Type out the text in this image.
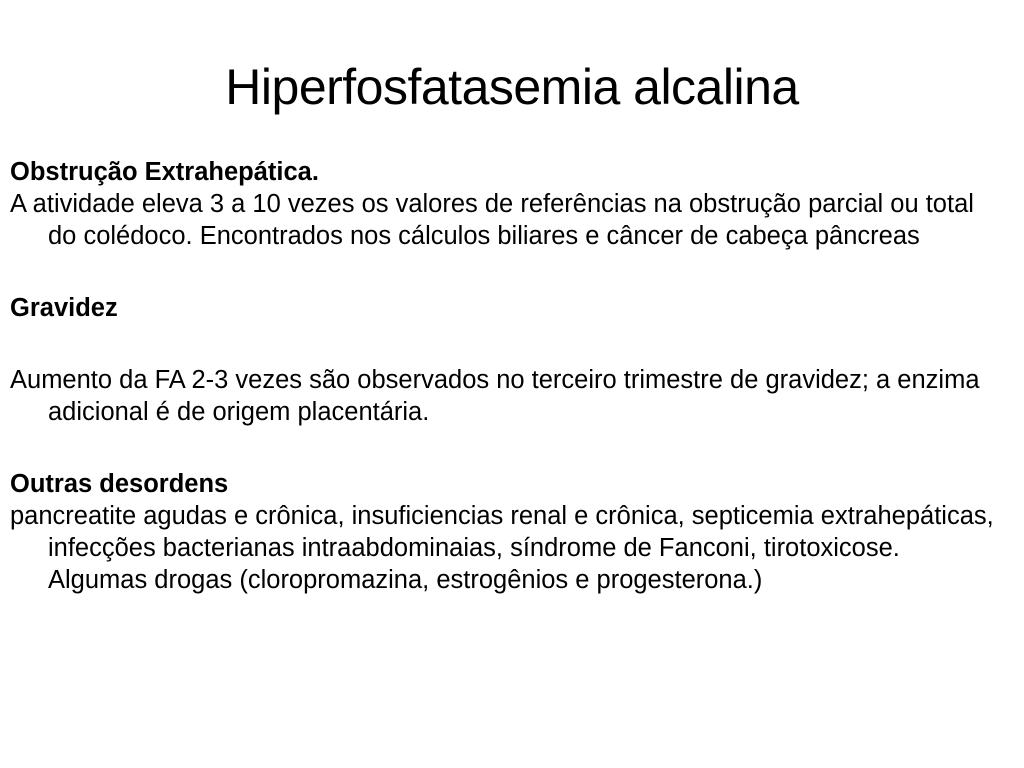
Hiperfosfatasemia alcalina

Obstrução Extrahepática.

A atividade eleva 3 a 10 vezes os valores de referências na obstrução parcial ou total do colédoco. Encontrados nos cálculos biliares e câncer de cabeça pâncreas

Gravidez

Aumento da FA 2-3 vezes são observados no terceiro trimestre de gravidez; a enzima adicional é de origem placentária.

Outras desordens

pancreatite agudas e crônica, insuficiencias renal e crônica, septicemia extrahepáticas, infecções bacterianas intraabdominaias, síndrome de Fanconi, tirotoxicose. Algumas drogas (cloropromazina, estrogênios e progesterona.)
